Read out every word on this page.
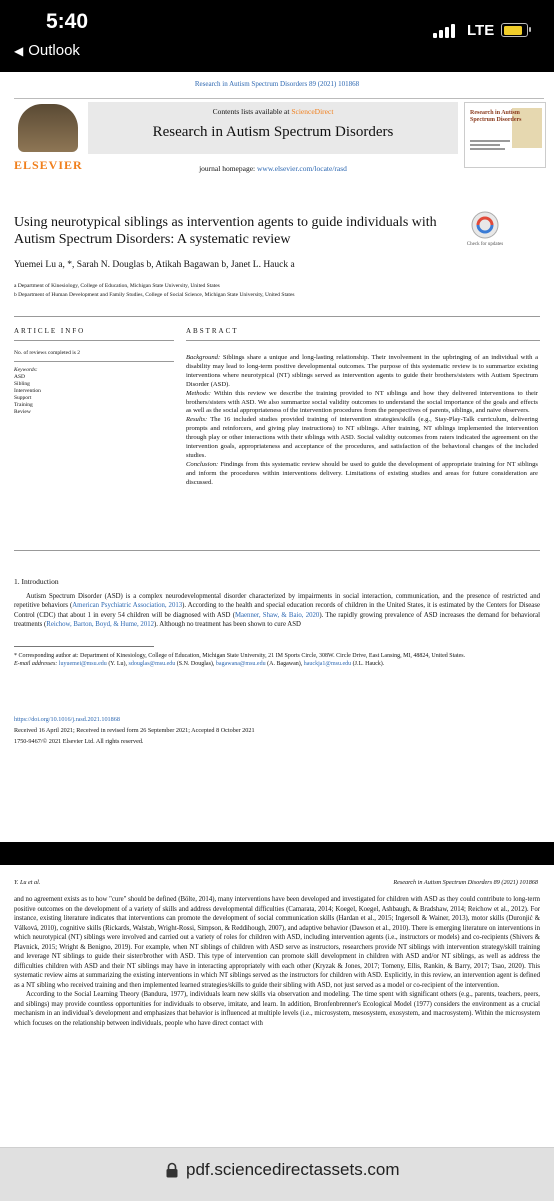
5:40
◀ Outlook
LTE
Research in Autism Spectrum Disorders 89 (2021) 101868
ELSEVIER
Contents lists available at ScienceDirect
Research in Autism Spectrum Disorders
journal homepage: www.elsevier.com/locate/rasd
Research in Autism Spectrum Disorders
Using neurotypical siblings as intervention agents to guide individuals with Autism Spectrum Disorders: A systematic review	Check for updates
Yuemei Lu a, *, Sarah N. Douglas b, Atikah Bagawan b, Janet L. Hauck a
a Department of Kinesiology, College of Education, Michigan State University, United States
b Department of Human Development and Family Studies, College of Social Science, Michigan State University, United States
ARTICLE INFO	ABSTRACT
No. of reviews completed is 2
Keywords:
ASD
Sibling
Intervention
Support
Training
Review
Background: Siblings share a unique and long-lasting relationship. Their involvement in the upbringing of an individual with a disability may lead to long-term positive developmental outcomes. The purpose of this systematic review is to summarize existing interventions where neurotypical (NT) siblings served as intervention agents to guide their brothers/sisters with Autism Spectrum Disorder (ASD).
Methods: Within this review we describe the training provided to NT siblings and how they delivered interventions to their brothers/sisters with ASD. We also summarize social validity outcomes to understand the social importance of the goals and effects as well as the social appropriateness of the intervention procedures from the perspectives of parents, siblings, and naive observers.
Results: The 16 included studies provided training of intervention strategies/skills (e.g., Stay-Play-Talk curriculum, delivering prompts and reinforcers, and giving play instructions) to NT siblings. After training, NT siblings implemented the intervention through play or other interactions with their siblings with ASD. Social validity outcomes from raters indicated the agreement on the intervention goals, appropriateness and acceptance of the procedures, and satisfaction of the behavioral changes of the included studies.
Conclusion: Findings from this systematic review should be used to guide the development of appropriate training for NT siblings and inform the procedures within interventions delivery. Limitations of existing studies and areas for future consideration are discussed.
1. Introduction
Autism Spectrum Disorder (ASD) is a complex neurodevelopmental disorder characterized by impairments in social interaction, communication, and the presence of restricted and repetitive behaviors (American Psychiatric Association, 2013). According to the health and special education records of children in the United States, it is estimated by the Centers for Disease Control (CDC) that about 1 in every 54 children will be diagnosed with ASD (Maenner, Shaw, & Baio, 2020). The rapidly growing prevalence of ASD increases the demand for behavioral treatments (Reichow, Barton, Boyd, & Hume, 2012). Although no treatment has been shown to cure ASD
* Corresponding author at: Department of Kinesiology, College of Education, Michigan State University, 21 IM Sports Circle, 308W. Circle Drive, East Lansing, MI, 48824, United States.
E-mail addresses: luyuemei@msu.edu (Y. Lu), sdouglas@msu.edu (S.N. Douglas), bagawana@msu.edu (A. Bagawan), hauckja1@msu.edu (J.L. Hauck).
https://doi.org/10.1016/j.rasd.2021.101868
Received 16 April 2021; Received in revised form 26 September 2021; Accepted 8 October 2021
1750-9467/© 2021 Elsevier Ltd. All rights reserved.
Y. Lu et al.	Research in Autism Spectrum Disorders 89 (2021) 101868
and no agreement exists as to how "cure" should be defined (Bölte, 2014), many interventions have been developed and investigated for children with ASD as they could contribute to long-term positive outcomes on the development of a variety of skills and address developmental difficulties (Camarata, 2014; Koegel, Koegel, Ashbaugh, & Bradshaw, 2014; Reichow et al., 2012). For instance, existing literature indicates that interventions can promote the development of social communication skills (Hardan et al., 2015; Ingersoll & Wainer, 2013), motor skills (Duronjić & Válková, 2010), cognitive skills (Rickards, Walstab, Wright-Rossi, Simpson, & Reddihough, 2007), and adaptive behavior (Dawson et al., 2010). There is emerging literature on interventions in which neurotypical (NT) siblings were involved and carried out a variety of roles for children with ASD, including intervention agents (i.e., instructors or models) and co-recipients (Shivers & Plavnick, 2015; Wright & Benigno, 2019). For example, when NT siblings of children with ASD serve as instructors, researchers provide NT siblings with intervention strategy/skill training and leverage NT siblings to guide their sister/brother with ASD. This type of intervention can promote skill development in children with ASD and/or NT siblings, as well as address the difficulties children with ASD and their NT siblings may have in interacting appropriately with each other (Kryzak & Jones, 2017; Tomeny, Ellis, Rankin, & Barry, 2017; Tsao, 2020). This systematic review aims at summarizing the existing interventions in which NT siblings served as the instructors for children with ASD. Explicitly, in this review, an intervention agent is defined as a NT sibling who received training and then implemented learned strategies/skills to guide their sibling with ASD, not just served as a model or co-recipient of the intervention.
According to the Social Learning Theory (Bandura, 1977), individuals learn new skills via observation and modeling. The time spent with significant others (e.g., parents, teachers, peers, and siblings) may provide countless opportunities for individuals to observe, imitate, and learn. In addition, Bronfenbrenner's Ecological Model (1977) considers the environment as a crucial mechanism in an individual's development and emphasizes that behavior is influenced at multiple levels (i.e., microsystem, mesosystem, exosystem, and macrosystem). Within the microsystem which focuses on the relationship between individuals, people who have direct contact with
pdf.sciencedirectassets.com
